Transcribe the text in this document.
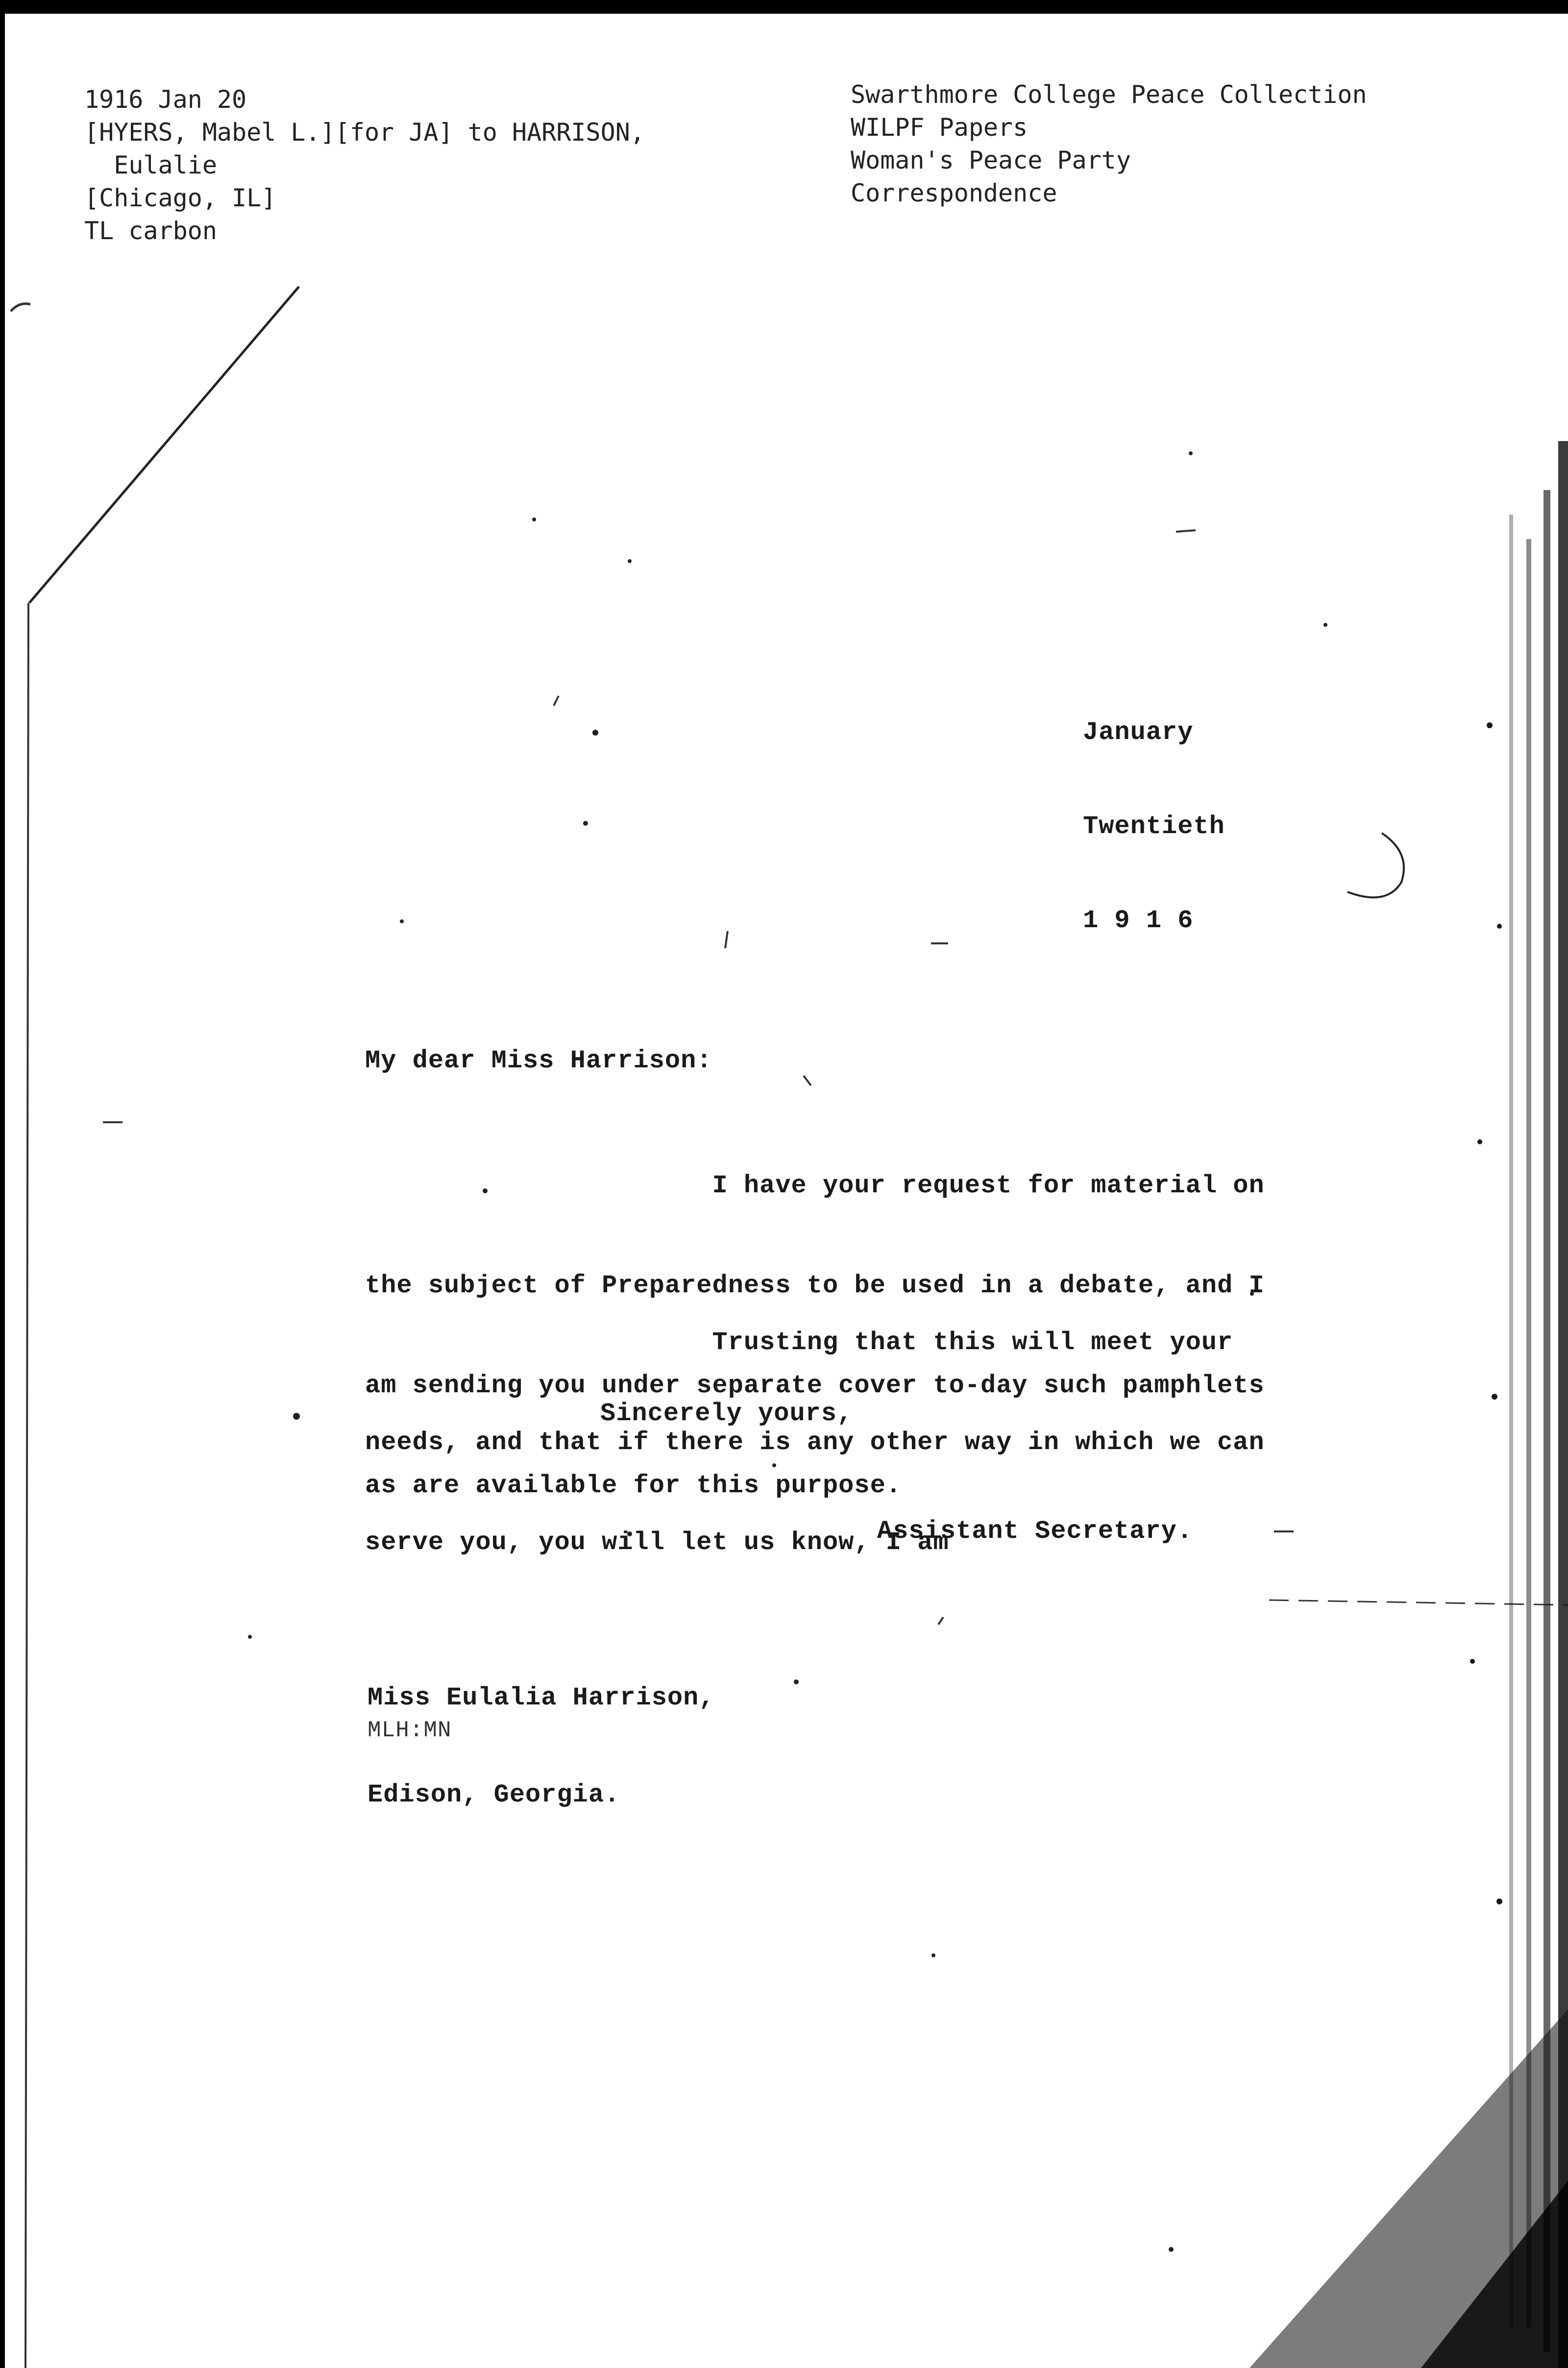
1916 Jan 20
[HYERS, Mabel L.][for JA] to HARRISON,
Eulalie
[Chicago, IL]
TL carbon
Swarthmore College Peace Collection
WILPF Papers
Woman's Peace Party
Correspondence

January

Twentieth

1 9 1 6

My dear Miss Harrison:

I have your request for material on

the subject of Preparedness to be used in a debate, and I

am sending you under separate cover to-day such pamphlets

as are available for this purpose.

Trusting that this will meet your

needs, and that if there is any other way in which we can

serve you, you will let us know, I am

Sincerely yours,
Assistant Secretary.

Miss Eulalia Harrison,

Edison, Georgia.

MLH:MN
